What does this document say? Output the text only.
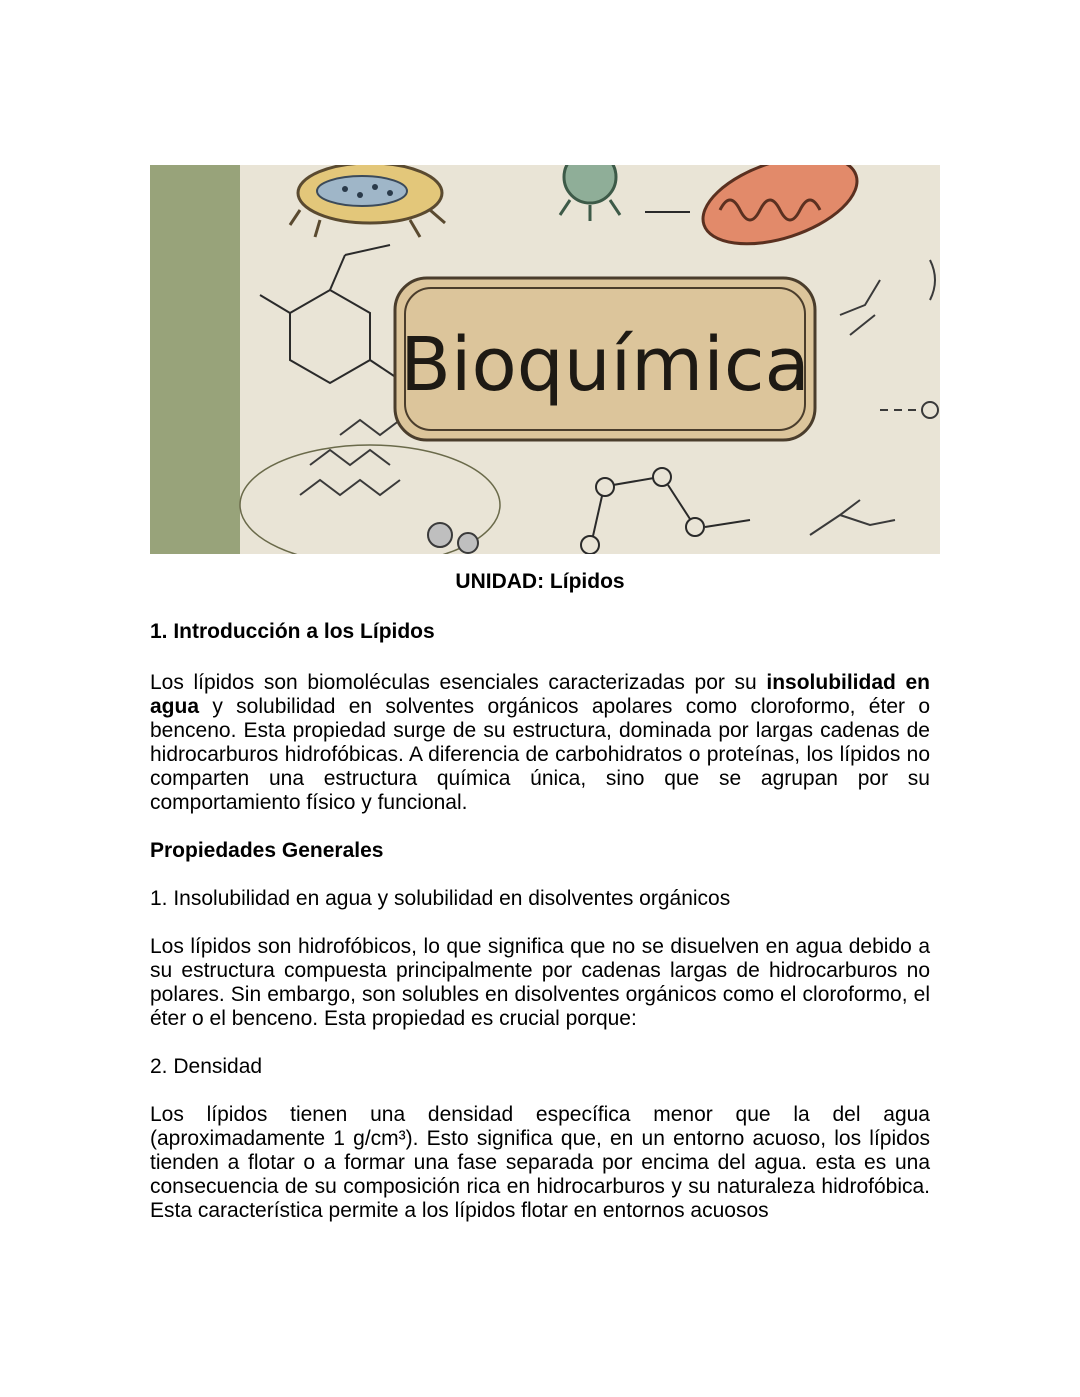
Bioquímica
UNIDAD: Lípidos
1. Introducción a los Lípidos

Los lípidos son biomoléculas esenciales caracterizadas por su insolubilidad en agua y solubilidad en solventes orgánicos apolares como cloroformo, éter o benceno. Esta propiedad surge de su estructura, dominada por largas cadenas de hidrocarburos hidrofóbicas. A diferencia de carbohidratos o proteínas, los lípidos no comparten una estructura química única, sino que se agrupan por su comportamiento físico y funcional.

Propiedades Generales
1. Insolubilidad en agua y solubilidad en disolventes orgánicos

Los lípidos son hidrofóbicos, lo que significa que no se disuelven en agua debido a su estructura compuesta principalmente por cadenas largas de hidrocarburos no polares. Sin embargo, son solubles en disolventes orgánicos como el cloroformo, el éter o el benceno. Esta propiedad es crucial porque:

2. Densidad

Los lípidos tienen una densidad específica menor que la del agua (aproximadamente 1 g/cm³). Esto significa que, en un entorno acuoso, los lípidos tienden a flotar o a formar una fase separada por encima del agua. esta es una consecuencia de su composición rica en hidrocarburos y su naturaleza hidrofóbica. Esta característica permite a los lípidos flotar en entornos acuosos
